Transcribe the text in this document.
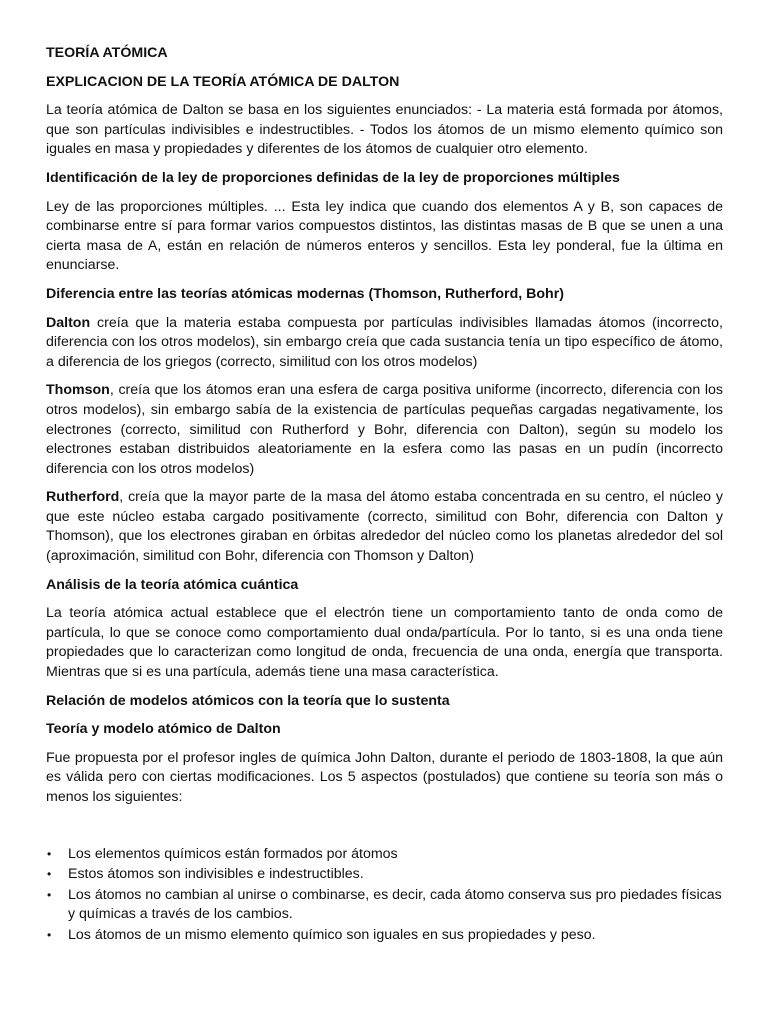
TEORÍA ATÓMICA
EXPLICACION DE LA TEORÍA ATÓMICA DE DALTON

La teoría atómica de Dalton se basa en los siguientes enunciados: - La materia está formada por átomos, que son partículas indivisibles e indestructibles. - Todos los átomos de un mismo elemento químico son iguales en masa y propiedades y diferentes de los átomos de cualquier otro elemento.

Identificación de la ley de proporciones definidas de la ley de proporciones múltiples

Ley de las proporciones múltiples. ... Esta ley indica que cuando dos elementos A y B, son capaces de combinarse entre sí para formar varios compuestos distintos, las distintas masas de B que se unen a una cierta masa de A, están en relación de números enteros y sencillos. Esta ley ponderal, fue la última en enunciarse.

Diferencia entre las teorías atómicas modernas (Thomson, Rutherford, Bohr)

Dalton creía que la materia estaba compuesta por partículas indivisibles llamadas átomos (incorrecto, diferencia con los otros modelos), sin embargo creía que cada sustancia tenía un tipo específico de átomo, a diferencia de los griegos (correcto, similitud con los otros modelos)

Thomson, creía que los átomos eran una esfera de carga positiva uniforme (incorrecto, diferencia con los otros modelos), sin embargo sabía de la existencia de partículas pequeñas cargadas negativamente, los electrones (correcto, similitud con Rutherford y Bohr, diferencia con Dalton), según su modelo los electrones estaban distribuidos aleatoriamente en la esfera como las pasas en un pudín (incorrecto diferencia con los otros modelos)

Rutherford, creía que la mayor parte de la masa del átomo estaba concentrada en su centro, el núcleo y que este núcleo estaba cargado positivamente (correcto, similitud con Bohr, diferencia con Dalton y Thomson), que los electrones giraban en órbitas alrededor del núcleo como los planetas alrededor del sol (aproximación, similitud con Bohr, diferencia con Thomson y Dalton)

Análisis de la teoría atómica cuántica

La teoría atómica actual establece que el electrón tiene un comportamiento tanto de onda como de partícula, lo que se conoce como comportamiento dual onda/partícula. Por lo tanto, si es una onda tiene propiedades que lo caracterizan como longitud de onda, frecuencia de una onda, energía que transporta. Mientras que si es una partícula, además tiene una masa característica.

Relación de modelos atómicos con la teoría que lo sustenta
Teoría y modelo atómico de Dalton

Fue propuesta por el profesor ingles de química John Dalton, durante el periodo de 1803-1808, la que aún es válida pero con ciertas modificaciones. Los 5 aspectos (postulados) que contiene su teoría son más o menos los siguientes:

• Los elementos químicos están formados por átomos
• Estos átomos son indivisibles e indestructibles.
• Los átomos no cambian al unirse o combinarse, es decir, cada átomo conserva sus pro piedades físicas y químicas a través de los cambios.
• Los átomos de un mismo elemento químico son iguales en sus propiedades y peso.
